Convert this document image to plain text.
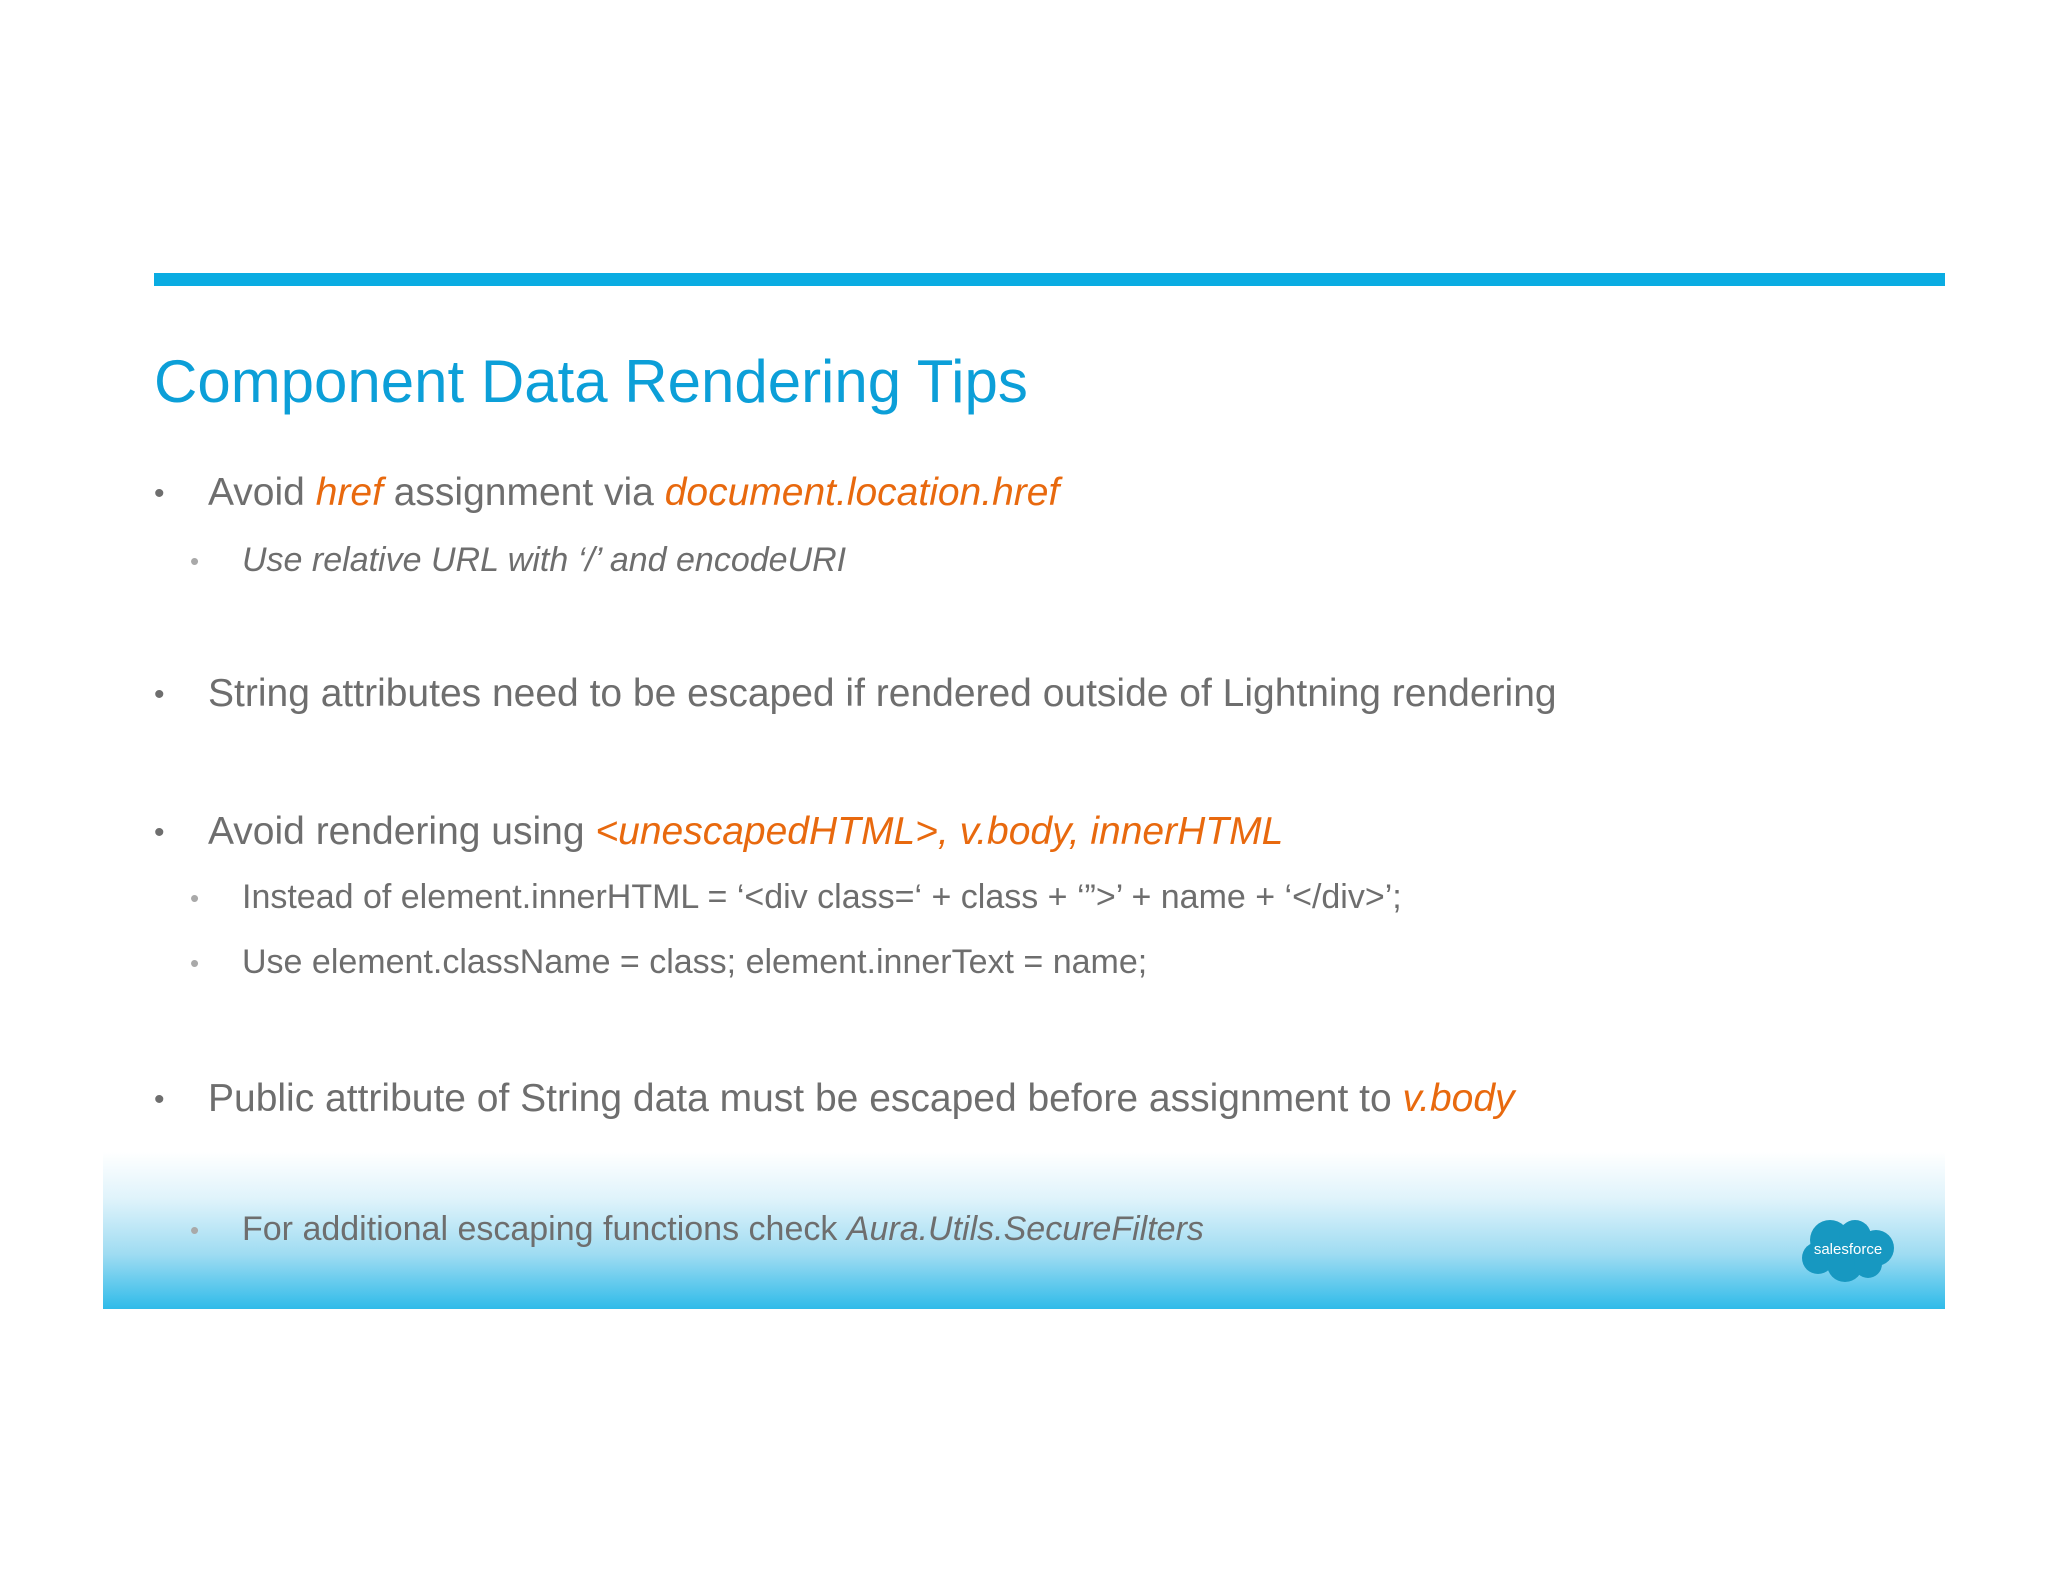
Component Data Rendering Tips
• Avoid href assignment via document.location.href
• Use relative URL with ‘/’ and encodeURI
• String attributes need to be escaped if rendered outside of Lightning rendering
• Avoid rendering using <unescapedHTML>, v.body, innerHTML
• Instead of element.innerHTML = ‘<div class=‘ + class + ‘”>’ + name + ‘</div>’;
• Use element.className = class; element.innerText = name;
• Public attribute of String data must be escaped before assignment to v.body
• For additional escaping functions check Aura.Utils.SecureFilters
salesforce
